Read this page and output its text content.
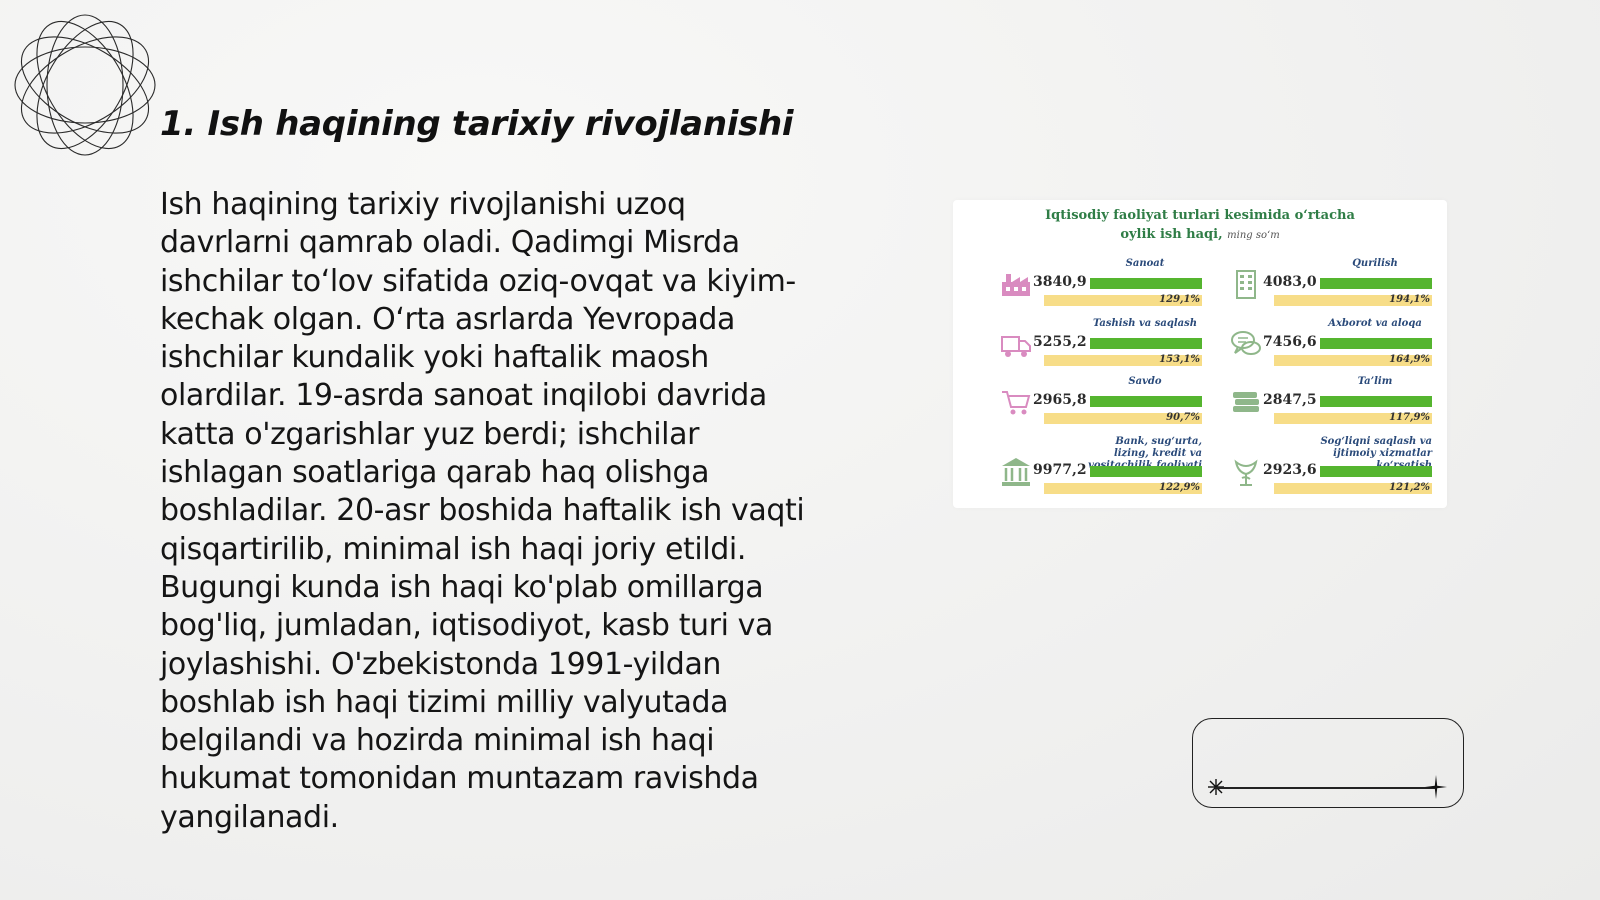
1. Ish haqining tarixiy rivojlanishi

Ish haqining tarixiy rivojlanishi uzoq davrlarni qamrab oladi. Qadimgi Misrda ishchilar to‘lov sifatida oziq-ovqat va kiyim-kechak olgan. O‘rta asrlarda Yevropada ishchilar kundalik yoki haftalik maosh olardilar. 19-asrda sanoat inqilobi davrida katta o'zgarishlar yuz berdi; ishchilar ishlagan soatlariga qarab haq olishga boshladilar. 20-asr boshida haftalik ish vaqti qisqartirilib, minimal ish haqi joriy etildi. Bugungi kunda ish haqi ko'plab omillarga bog'liq, jumladan, iqtisodiyot, kasb turi va joylashishi. O'zbekistonda 1991-yildan boshlab ish haqi tizimi milliy valyutada belgilandi va hozirda minimal ish haqi hukumat tomonidan muntazam ravishda yangilanadi.

Iqtisodiy faoliyat turlari kesimida o‘rtacha
oylik ish haqi, ming so‘m
3840,9
Sanoat
129,1%
4083,0
Qurilish
194,1%
5255,2
Tashish va saqlash
153,1%
7456,6
Axborot va aloqa
164,9%
2965,8
Savdo
90,7%
2847,5
Ta’lim
117,9%
9977,2
Bank, sug‘urta, lizing, kredit va
122,9%
2923,6
Sog‘liqni saqlash va ijtimoiy xizmatlar
121,2%
